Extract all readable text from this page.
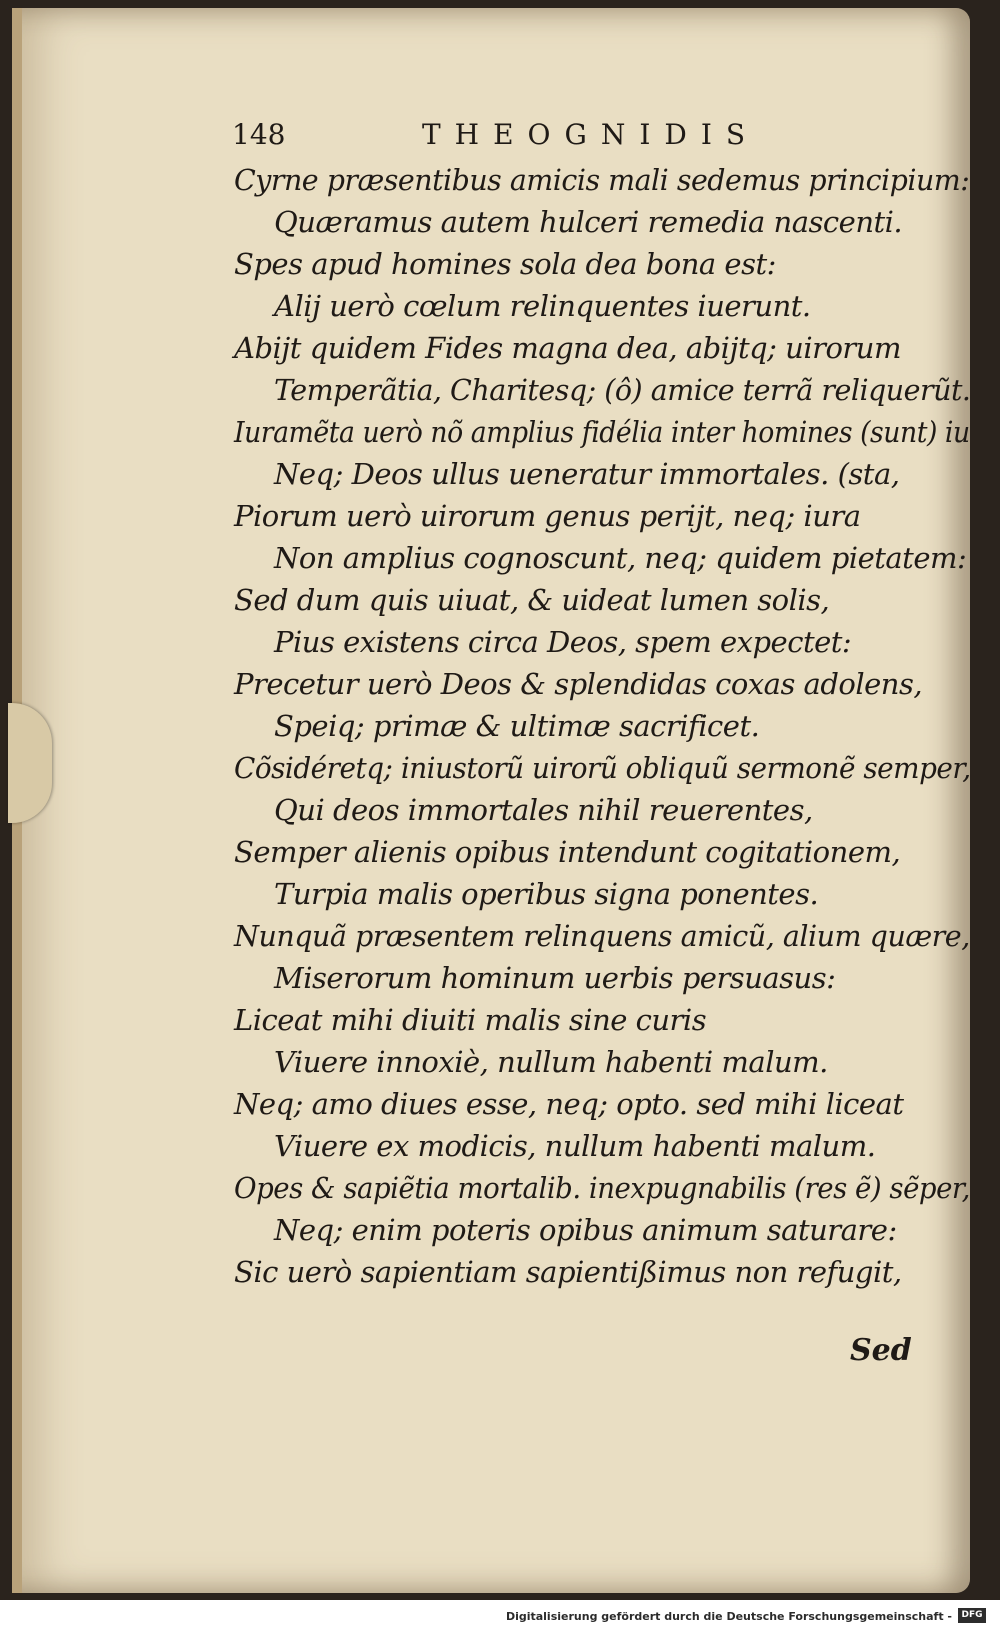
148	THEOGNIDIS
Cyrne præsentibus amicis mali sedemus principium:
Quæramus autem hulceri remedia nascenti.
Spes apud homines sola dea bona est:
Alij uerò cœlum relinquentes iuerunt.
Abijt quidem Fides magna dea, abijtq; uirorum
Temperãtia, Charitesq; (ô) amice terrã reliquerũt.
Iuramẽta uerò nõ amplius fidélia inter homines (sunt) iu
Neq; Deos ullus ueneratur immortales. (sta,
Piorum uerò uirorum genus perijt, neq; iura
Non amplius cognoscunt, neq; quidem pietatem:
Sed dum quis uiuat, & uideat lumen solis,
Pius existens circa Deos, spem expectet:
Precetur uerò Deos & splendidas coxas adolens,
Speiq; primæ & ultimæ sacrificet.
Cõsidéretq; iniustorũ uirorũ obliquũ sermonẽ semper,
Qui deos immortales nihil reuerentes,
Semper alienis opibus intendunt cogitationem,
Turpia malis operibus signa ponentes.
Nunquã præsentem relinquens amicũ, alium quære,
Miserorum hominum uerbis persuasus:
Liceat mihi diuiti malis sine curis
Viuere innoxiè, nullum habenti malum.
Neq; amo diues esse, neq; opto. sed mihi liceat
Viuere ex modicis, nullum habenti malum.
Opes & sapiẽtia mortalib. inexpugnabilis (res ẽ) sẽper,
Neq; enim poteris opibus animum saturare:
Sic uerò sapientiam sapientißimus non refugit,
Sed
Digitalisierung gefördert durch die Deutsche Forschungsgemeinschaft -	DFG
